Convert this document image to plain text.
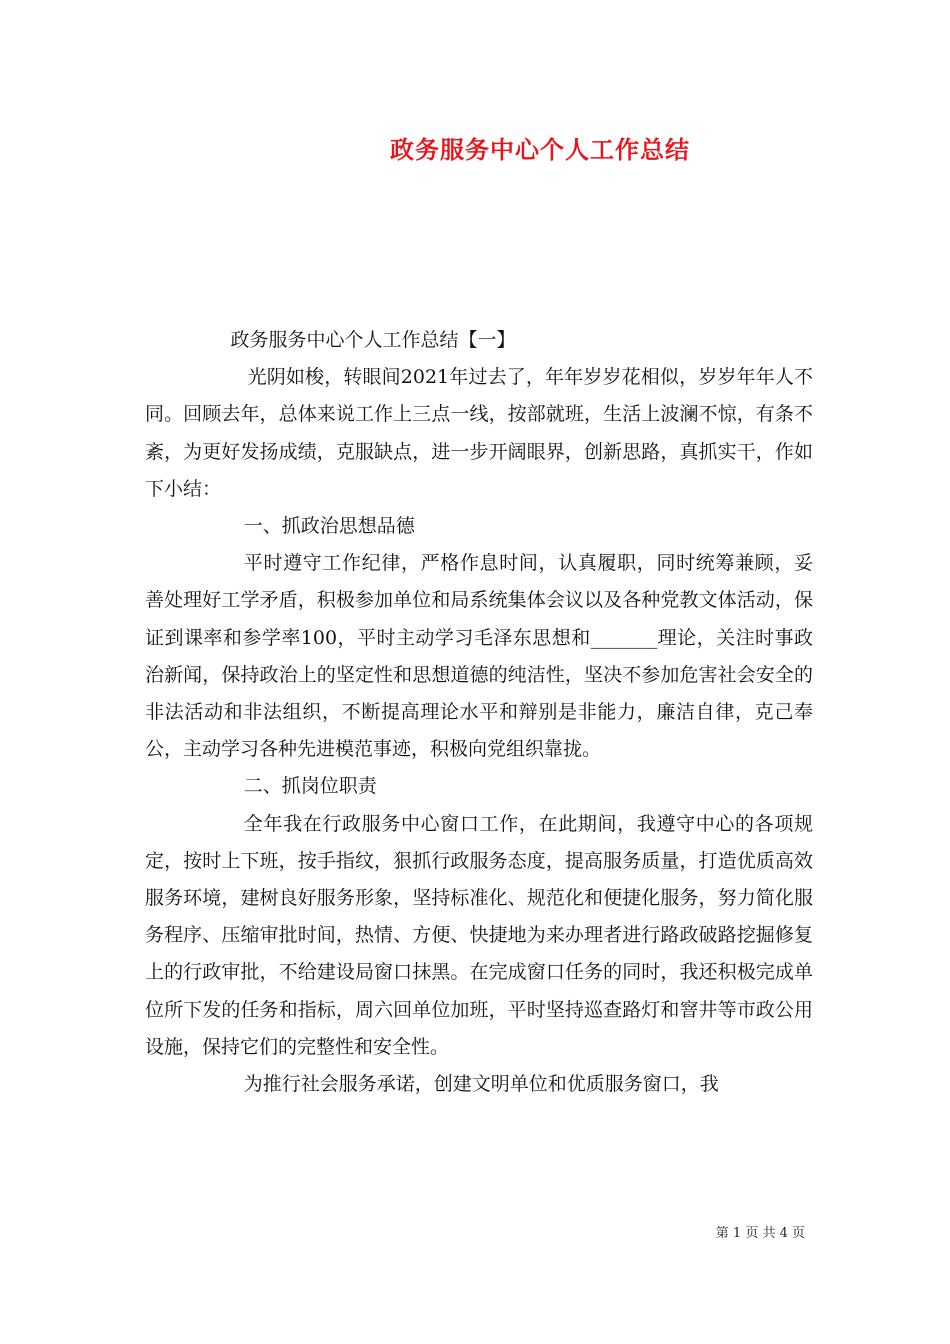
政务服务中心个人工作总结

政务服务中心个人工作总结【一】

光阴如梭，转眼间2021年过去了，年年岁岁花相似，岁岁年年人不同。回顾去年，总体来说工作上三点一线，按部就班，生活上波澜不惊，有条不紊，为更好发扬成绩，克服缺点，进一步开阔眼界，创新思路，真抓实干，作如下小结：

一、抓政治思想品德

平时遵守工作纪律，严格作息时间，认真履职，同时统筹兼顾，妥善处理好工学矛盾，积极参加单位和局系统集体会议以及各种党教文体活动，保证到课率和参学率100，平时主动学习毛泽东思想和_______理论，关注时事政治新闻，保持政治上的坚定性和思想道德的纯洁性，坚决不参加危害社会安全的非法活动和非法组织，不断提高理论水平和辩别是非能力，廉洁自律，克己奉公，主动学习各种先进模范事迹，积极向党组织靠拢。

二、抓岗位职责

全年我在行政服务中心窗口工作，在此期间，我遵守中心的各项规定，按时上下班，按手指纹，狠抓行政服务态度，提高服务质量，打造优质高效服务环境，建树良好服务形象，坚持标准化、规范化和便捷化服务，努力简化服务程序、压缩审批时间，热情、方便、快捷地为来办理者进行路政破路挖掘修复上的行政审批，不给建设局窗口抹黑。在完成窗口任务的同时，我还积极完成单位所下发的任务和指标，周六回单位加班，平时坚持巡查路灯和窨井等市政公用设施，保持它们的完整性和安全性。

为推行社会服务承诺，创建文明单位和优质服务窗口，我

第 1 页 共 4 页
